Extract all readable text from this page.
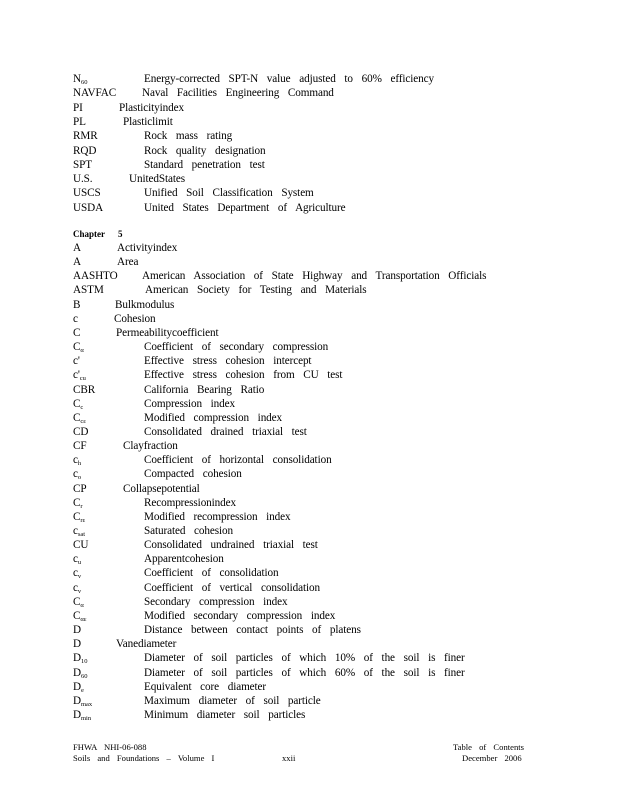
$N_{60}$	Energy-corrected SPT-N value adjusted to 60% efficiency
NAVFAC Naval Facilities Engineering Command
PI	Plasticityindex
PL	Plasticlimit
RMR	Rock mass rating
RQD	Rock quality designation
SPT	Standard penetration test
U.S.	UnitedStates
USCS	Unified Soil Classification System
USDA	United States Department of Agriculture
Chapter 5
A	Activityindex
A	Area
AASHTO American Association of State Highway and Transportation Officials
ASTM	American Society for Testing and Materials
B	Bulkmodulus
c	Cohesion
C	Permeabilitycoefficient
$C_\alpha$	Coefficient of secondary compression
c'	Effective stress cohesion intercept
$c'_{cu}$	Effective stress cohesion from CU test
CBR	California Bearing Ratio
$C_c$	Compression index
$C_{c\varepsilon}$	Modified compression index
CD	Consolidated drained triaxial test
CF	Clayfraction
$c_h$	Coefficient of horizontal consolidation
$c_o$	Compacted cohesion
CP	Collapsepotential
$C_r$	Recompressionindex
$C_{r\varepsilon}$	Modified recompression index
$c_{sat}$	Saturated cohesion
CU	Consolidated undrained triaxial test
$c_u$	Apparentcohesion
$c_v$	Coefficient of consolidation
$c_v$	Coefficient of vertical consolidation
$C_\alpha$	Secondary compression index
$C_{\alpha\varepsilon}$	Modified secondary compression index
D	Distance between contact points of platens
D	Vanediameter
$D_{10}$	Diameter of soil particles of which 10% of the soil is finer
$D_{60}$	Diameter of soil particles of which 60% of the soil is finer
$D_e$	Equivalent core diameter
$D_{max}$	Maximum diameter of soil particle
$D_{min}$	Minimum diameter soil particles
FHWA NHI-06-088
Soils and Foundations – Volume I	xxii
Table of Contents
December 2006
